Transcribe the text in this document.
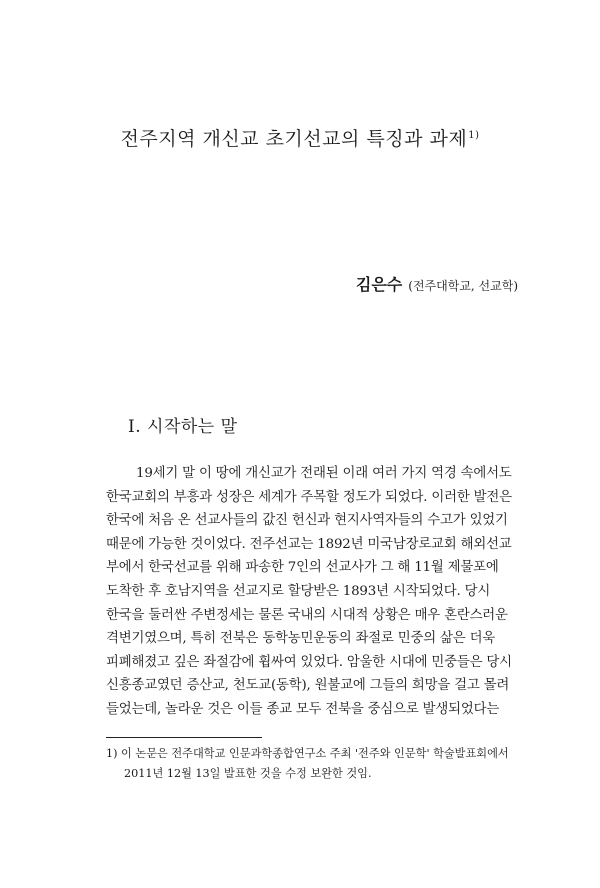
전주지역 개신교 초기선교의 특징과 과제$^{1)}$
김은수 (전주대학교, 선교학)
I. 시작하는 말
19세기 말 이 땅에 개신교가 전래된 이래 여러 가지 역경 속에서도
한국교회의 부흥과 성장은 세계가 주목할 정도가 되었다. 이러한 발전은
한국에 처음 온 선교사들의 값진 헌신과 현지사역자들의 수고가 있었기
때문에 가능한 것이었다. 전주선교는 1892년 미국남장로교회 해외선교
부에서 한국선교를 위해 파송한 7인의 선교사가 그 해 11월 제물포에
도착한 후 호남지역을 선교지로 할당받은 1893년 시작되었다. 당시
한국을 둘러싼 주변정세는 물론 국내의 시대적 상황은 매우 혼란스러운
격변기였으며, 특히 전북은 동학농민운동의 좌절로 민중의 삶은 더욱
피폐해졌고 깊은 좌절감에 휩싸여 있었다. 암울한 시대에 민중들은 당시
신흥종교였던 증산교, 천도교(동학), 원불교에 그들의 희망을 걸고 몰려
들었는데, 놀라운 것은 이들 종교 모두 전북을 중심으로 발생되었다는
1) 이 논문은 전주대학교 인문과학종합연구소 주최 '전주와 인문학' 학술발표회에서
2011년 12월 13일 발표한 것을 수정 보완한 것임.
